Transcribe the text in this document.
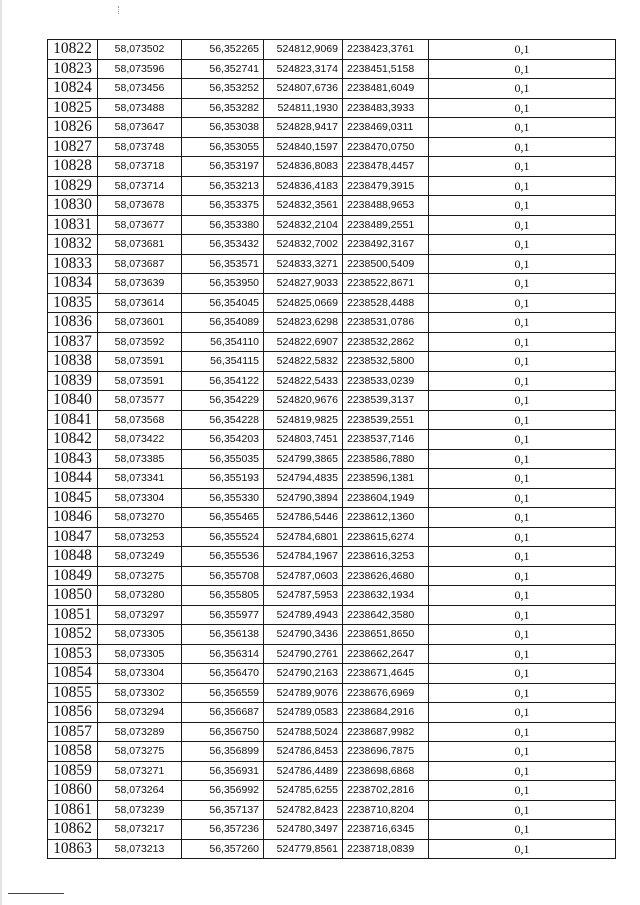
10822	58,073502	56,352265	524812,9069	2238423,3761	0,1
10823	58,073596	56,352741	524823,3174	2238451,5158	0,1
10824	58,073456	56,353252	524807,6736	2238481,6049	0,1
10825	58,073488	56,353282	524811,1930	2238483,3933	0,1
10826	58,073647	56,353038	524828,9417	2238469,0311	0,1
10827	58,073748	56,353055	524840,1597	2238470,0750	0,1
10828	58,073718	56,353197	524836,8083	2238478,4457	0,1
10829	58,073714	56,353213	524836,4183	2238479,3915	0,1
10830	58,073678	56,353375	524832,3561	2238488,9653	0,1
10831	58,073677	56,353380	524832,2104	2238489,2551	0,1
10832	58,073681	56,353432	524832,7002	2238492,3167	0,1
10833	58,073687	56,353571	524833,3271	2238500,5409	0,1
10834	58,073639	56,353950	524827,9033	2238522,8671	0,1
10835	58,073614	56,354045	524825,0669	2238528,4488	0,1
10836	58,073601	56,354089	524823,6298	2238531,0786	0,1
10837	58,073592	56,354110	524822,6907	2238532,2862	0,1
10838	58,073591	56,354115	524822,5832	2238532,5800	0,1
10839	58,073591	56,354122	524822,5433	2238533,0239	0,1
10840	58,073577	56,354229	524820,9676	2238539,3137	0,1
10841	58,073568	56,354228	524819,9825	2238539,2551	0,1
10842	58,073422	56,354203	524803,7451	2238537,7146	0,1
10843	58,073385	56,355035	524799,3865	2238586,7880	0,1
10844	58,073341	56,355193	524794,4835	2238596,1381	0,1
10845	58,073304	56,355330	524790,3894	2238604,1949	0,1
10846	58,073270	56,355465	524786,5446	2238612,1360	0,1
10847	58,073253	56,355524	524784,6801	2238615,6274	0,1
10848	58,073249	56,355536	524784,1967	2238616,3253	0,1
10849	58,073275	56,355708	524787,0603	2238626,4680	0,1
10850	58,073280	56,355805	524787,5953	2238632,1934	0,1
10851	58,073297	56,355977	524789,4943	2238642,3580	0,1
10852	58,073305	56,356138	524790,3436	2238651,8650	0,1
10853	58,073305	56,356314	524790,2761	2238662,2647	0,1
10854	58,073304	56,356470	524790,2163	2238671,4645	0,1
10855	58,073302	56,356559	524789,9076	2238676,6969	0,1
10856	58,073294	56,356687	524789,0583	2238684,2916	0,1
10857	58,073289	56,356750	524788,5024	2238687,9982	0,1
10858	58,073275	56,356899	524786,8453	2238696,7875	0,1
10859	58,073271	56,356931	524786,4489	2238698,6868	0,1
10860	58,073264	56,356992	524785,6255	2238702,2816	0,1
10861	58,073239	56,357137	524782,8423	2238710,8204	0,1
10862	58,073217	56,357236	524780,3497	2238716,6345	0,1
10863	58,073213	56,357260	524779,8561	2238718,0839	0,1
